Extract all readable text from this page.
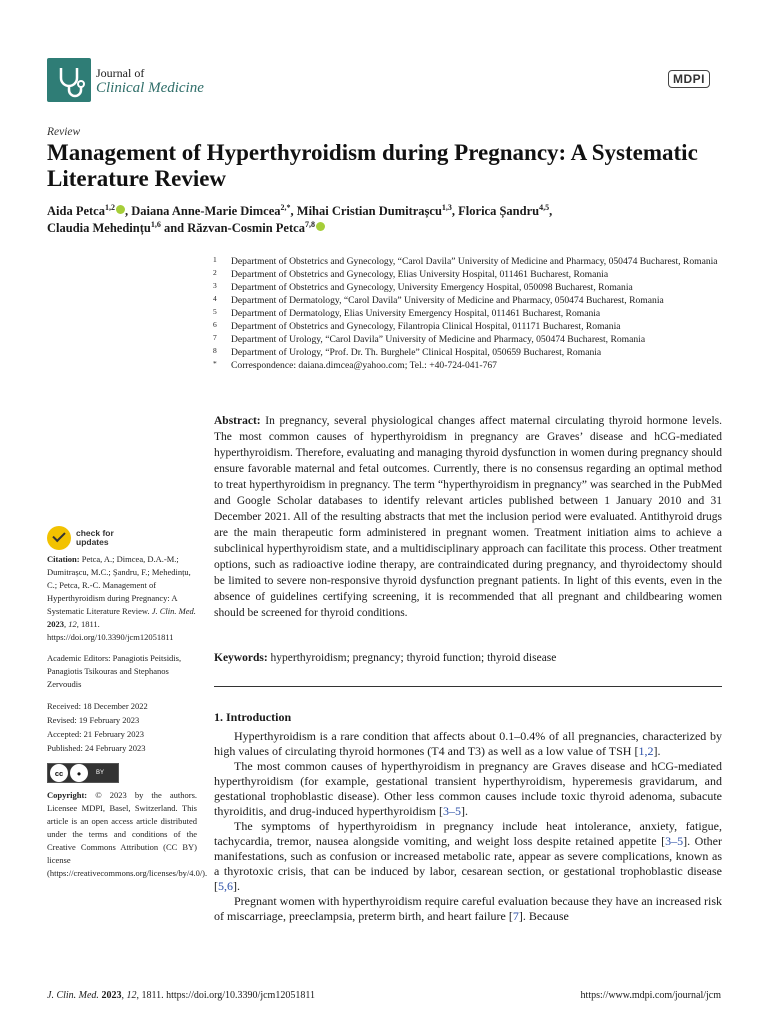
Journal of
Clinical Medicine
MDPI
Review
Management of Hyperthyroidism during Pregnancy: A Systematic Literature Review
Aida Petca$^{1,2}$ , Daiana Anne-Marie Dimcea$^{2,*}$, Mihai Cristian Dumitrașcu$^{1,3}$, Florica Șandru$^{4,5}$,
Claudia Mehedințu$^{1,6}$ and Răzvan-Cosmin Petca$^{7,8}$
1	Department of Obstetrics and Gynecology, “Carol Davila” University of Medicine and Pharmacy, 050474 Bucharest, Romania
2	Department of Obstetrics and Gynecology, Elias University Hospital, 011461 Bucharest, Romania
3	Department of Obstetrics and Gynecology, University Emergency Hospital, 050098 Bucharest, Romania
4	Department of Dermatology, “Carol Davila” University of Medicine and Pharmacy, 050474 Bucharest, Romania
5	Department of Dermatology, Elias University Emergency Hospital, 011461 Bucharest, Romania
6	Department of Obstetrics and Gynecology, Filantropia Clinical Hospital, 011171 Bucharest, Romania
7	Department of Urology, “Carol Davila” University of Medicine and Pharmacy, 050474 Bucharest, Romania
8	Department of Urology, “Prof. Dr. Th. Burghele” Clinical Hospital, 050659 Bucharest, Romania
*	Correspondence: daiana.dimcea@yahoo.com; Tel.: +40-724-041-767
Abstract: In pregnancy, several physiological changes affect maternal circulating thyroid hormone levels. The most common causes of hyperthyroidism in pregnancy are Graves’ disease and hCG-mediated hyperthyroidism. Therefore, evaluating and managing thyroid dysfunction in women during pregnancy should ensure favorable maternal and fetal outcomes. Currently, there is no consensus regarding an optimal method to treat hyperthyroidism in pregnancy. The term “hyperthyroidism in pregnancy” was searched in the PubMed and Google Scholar databases to identify relevant articles published between 1 January 2010 and 31 December 2021. All of the resulting abstracts that met the inclusion period were evaluated. Antithyroid drugs are the main therapeutic form administered in pregnant women. Treatment initiation aims to achieve a subclinical hyperthyroidism state, and a multidisciplinary approach can facilitate this process. Other treatment options, such as radioactive iodine therapy, are contraindicated during pregnancy, and thyroidectomy should be limited to severe non-responsive thyroid dysfunction pregnant patients. In light of this events, even in the absence of guidelines certifying screening, it is recommended that all pregnant and childbearing women should be screened for thyroid conditions.
Keywords: hyperthyroidism; pregnancy; thyroid function; thyroid disease
1. Introduction

Hyperthyroidism is a rare condition that affects about 0.1–0.4% of all pregnancies, characterized by high values of circulating thyroid hormones (T4 and T3) as well as a low value of TSH [1,2].

The most common causes of hyperthyroidism in pregnancy are Graves disease and hCG-mediated hyperthyroidism (for example, gestational transient hyperthyroidism, hyperemesis gravidarum, and gestational trophoblastic disease). Other less common causes include toxic thyroid adenoma, subacute thyroiditis, and drug-induced hyperthyroidism [3–5].

The symptoms of hyperthyroidism in pregnancy include heat intolerance, anxiety, fatigue, tachycardia, tremor, nausea alongside vomiting, and weight loss despite retained appetite [3–5]. Other manifestations, such as confusion or increased metabolic rate, appear as severe complications, known as a thyrotoxic crisis, that can be induced by labor, cesarean section, or gestational trophoblastic disease [5,6].

Pregnant women with hyperthyroidism require careful evaluation because they have an increased risk of miscarriage, preeclampsia, preterm birth, and heart failure [7]. Because

check for
updates

Citation: Petca, A.; Dimcea, D.A.-M.; Dumitrașcu, M.C.; Șandru, F.; Mehedințu, C.; Petca, R.-C. Management of Hyperthyroidism during Pregnancy: A Systematic Literature Review. J. Clin. Med. 2023, 12, 1811. https://doi.org/10.3390/jcm12051811

Academic Editors: Panagiotis Peitsidis, Panagiotis Tsikouras and Stephanos Zervoudis

Received: 18 December 2022
Revised: 19 February 2023
Accepted: 21 February 2023
Published: 24 February 2023

cc	●	BY

Copyright: © 2023 by the authors. Licensee MDPI, Basel, Switzerland. This article is an open access article distributed under the terms and conditions of the Creative Commons Attribution (CC BY) license (https://creativecommons.org/licenses/by/4.0/).

J. Clin. Med. 2023, 12, 1811. https://doi.org/10.3390/jcm12051811	https://www.mdpi.com/journal/jcm
